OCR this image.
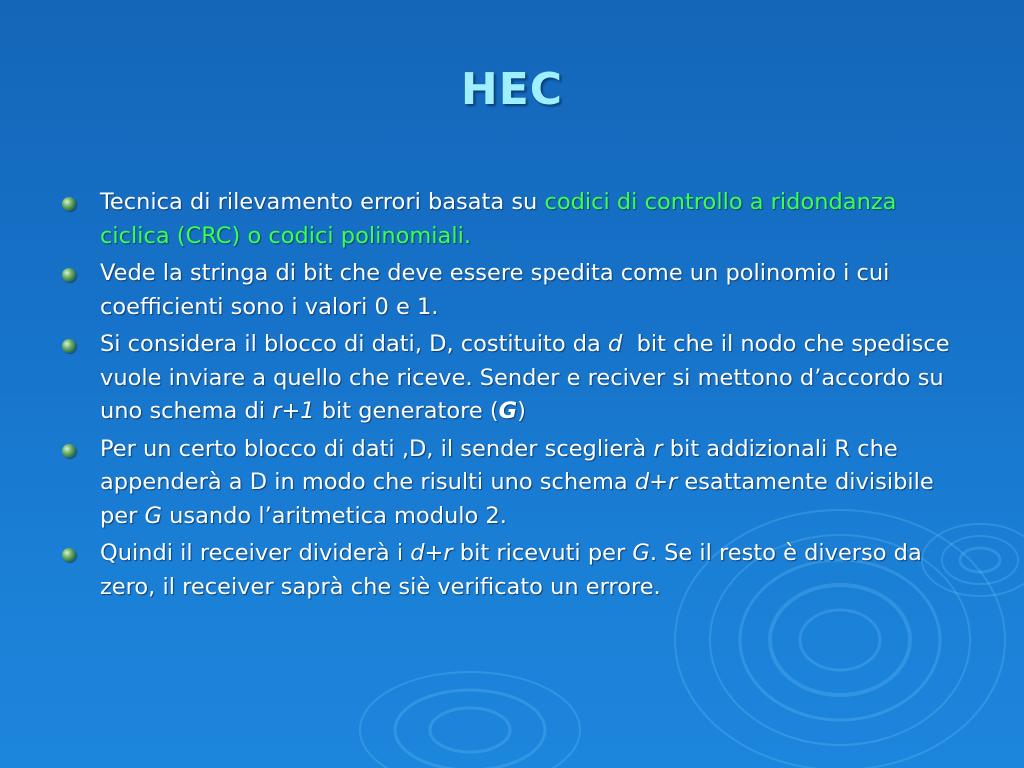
HEC
Tecnica di rilevamento errori basata su codici di controllo a ridondanza ciclica (CRC) o codici polinomiali.
Vede la stringa di bit che deve essere spedita come un polinomio i cui coefficienti sono i valori 0 e 1.
Si considera il blocco di dati, D, costituito da d  bit che il nodo che spedisce vuole inviare a quello che riceve. Sender e reciver si mettono d’accordo su uno schema di r+1 bit generatore (G)
Per un certo blocco di dati ,D, il sender sceglierà r bit addizionali R che appenderà a D in modo che risulti uno schema d+r esattamente divisibile per G usando l’aritmetica modulo 2.
Quindi il receiver dividerà i d+r bit ricevuti per G. Se il resto è diverso da zero, il receiver saprà che siè verificato un errore.
